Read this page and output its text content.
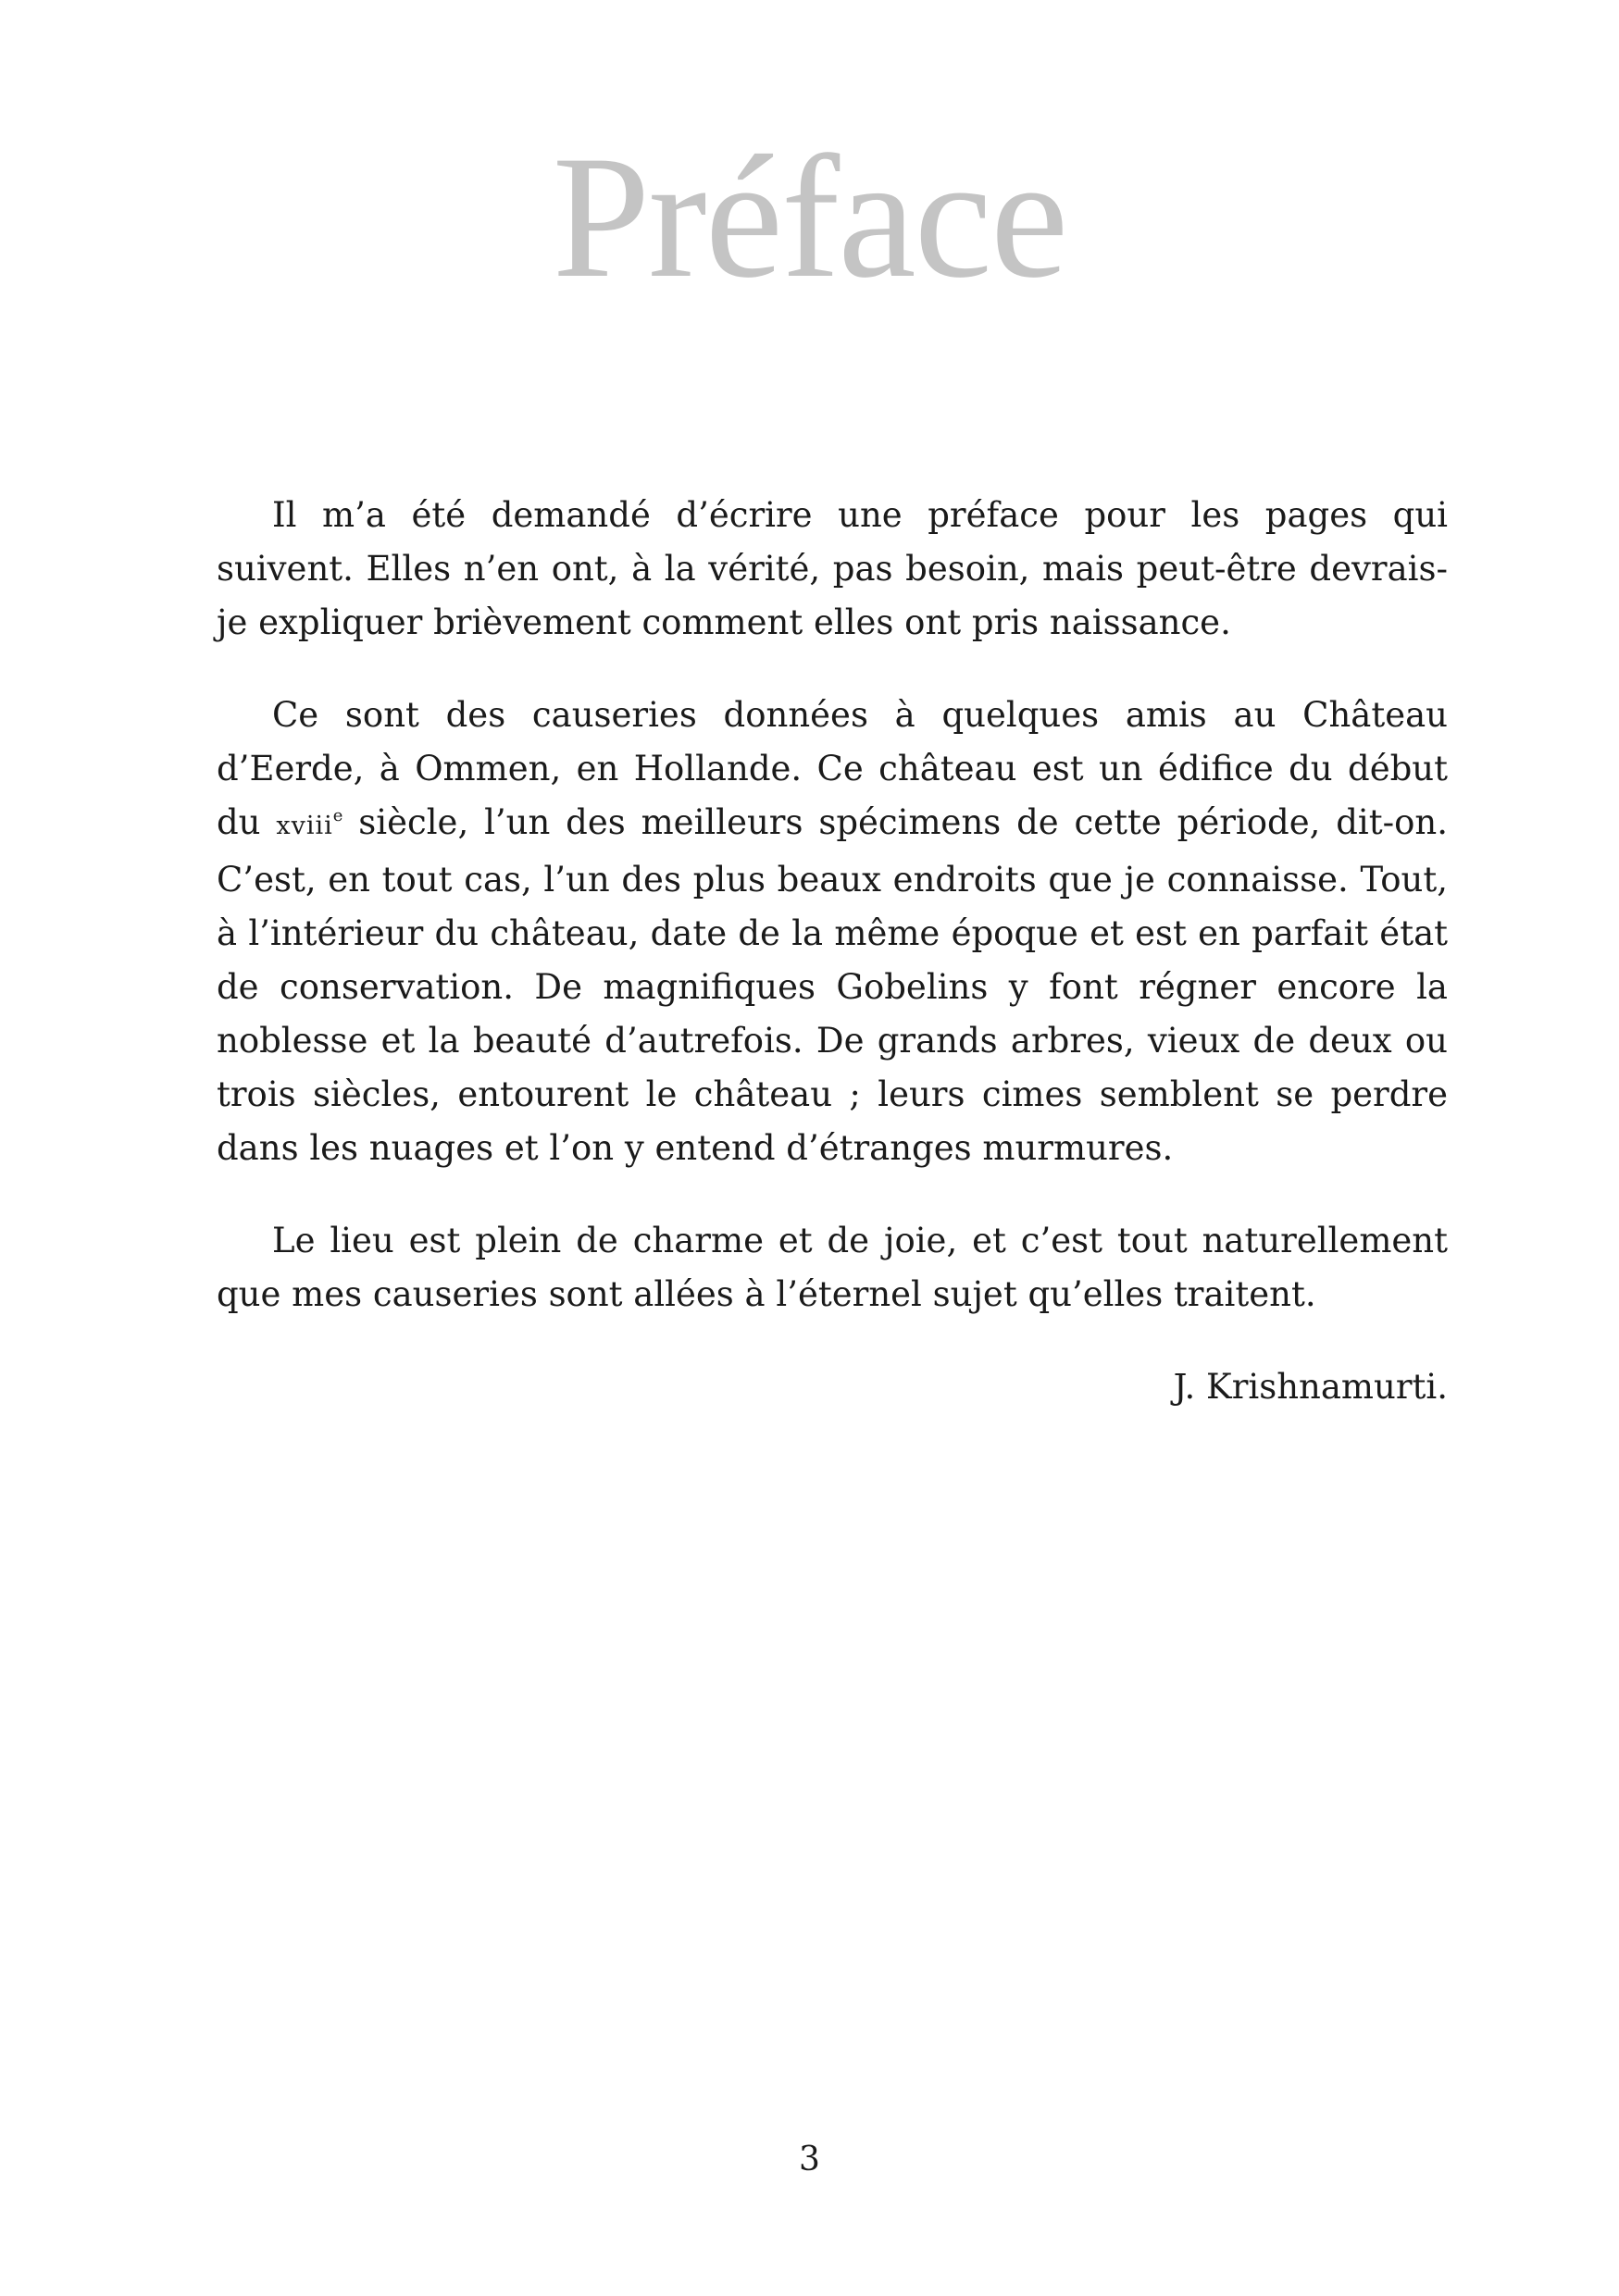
Préface

Il m’a été demandé d’écrire une préface pour les pages qui suivent. Elles n’en ont, à la vérité, pas besoin, mais peut-être devrais-je expliquer brièvement comment elles ont pris naissance.

Ce sont des causeries données à quelques amis au Château d’Eerde, à Ommen, en Hollande. Ce château est un édifice du début du xviii$^e$ siècle, l’un des meilleurs spécimens de cette période, dit-on. C’est, en tout cas, l’un des plus beaux endroits que je connaisse. Tout, à l’intérieur du château, date de la même époque et est en parfait état de conservation. De magnifiques Gobelins y font régner encore la noblesse et la beauté d’autrefois. De grands arbres, vieux de deux ou trois siècles, entourent le château ; leurs cimes semblent se perdre dans les nuages et l’on y entend d’étranges murmures.

Le lieu est plein de charme et de joie, et c’est tout naturellement que mes causeries sont allées à l’éternel sujet qu’elles traitent.

J. Krishnamurti.

3
